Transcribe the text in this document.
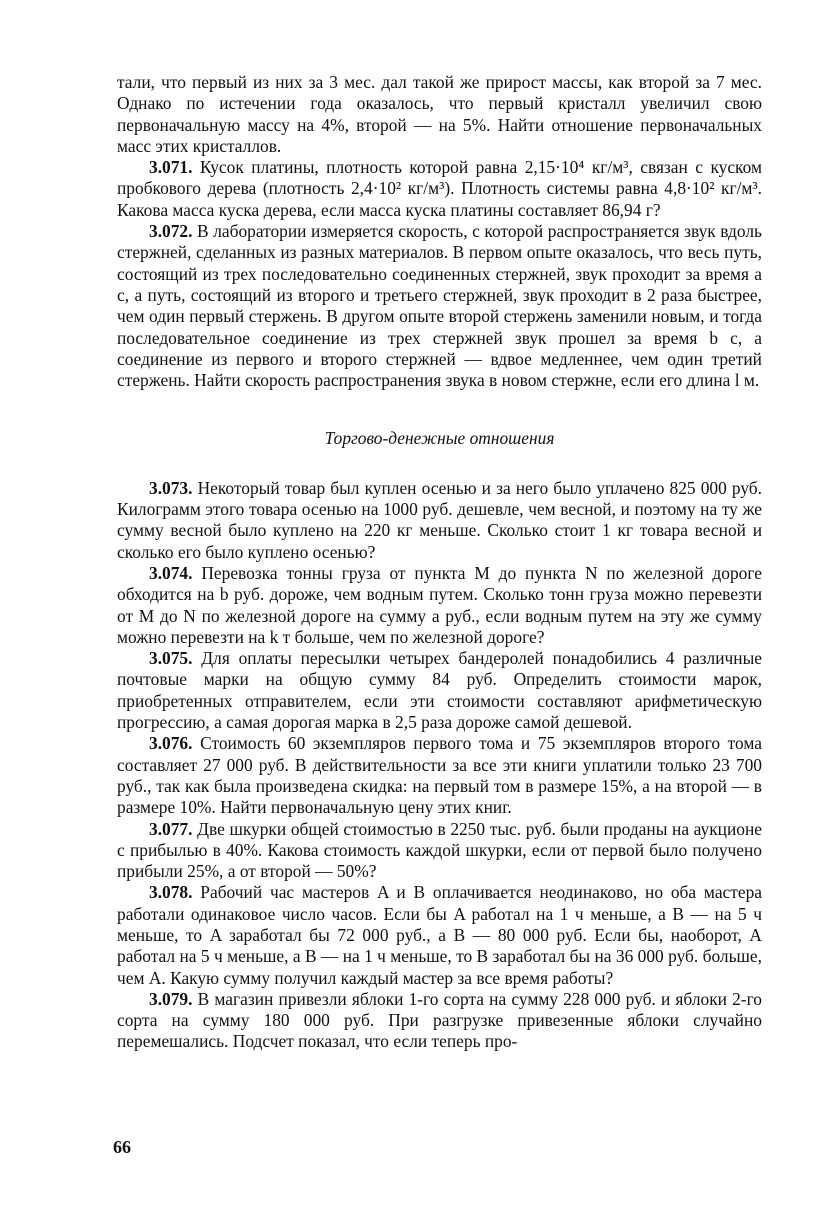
тали, что первый из них за 3 мес. дал такой же прирост массы, как второй за 7 мес. Однако по истечении года оказалось, что первый кристалл увеличил свою первоначальную массу на 4%, второй — на 5%. Найти отношение первоначальных масс этих кристаллов.

3.071. Кусок платины, плотность которой равна 2,15·10⁴ кг/м³, связан с куском пробкового дерева (плотность 2,4·10² кг/м³). Плотность системы равна 4,8·10² кг/м³. Какова масса куска дерева, если масса куска платины составляет 86,94 г?

3.072. В лаборатории измеряется скорость, с которой распространяется звук вдоль стержней, сделанных из разных материалов. В первом опыте оказалось, что весь путь, состоящий из трех последовательно соединенных стержней, звук проходит за время a с, а путь, состоящий из второго и третьего стержней, звук проходит в 2 раза быстрее, чем один первый стержень. В другом опыте второй стержень заменили новым, и тогда последовательное соединение из трех стержней звук прошел за время b с, а соединение из первого и второго стержней — вдвое медленнее, чем один третий стержень. Найти скорость распространения звука в новом стержне, если его длина l м.

Торгово-денежные отношения

3.073. Некоторый товар был куплен осенью и за него было уплачено 825 000 руб. Килограмм этого товара осенью на 1000 руб. дешевле, чем весной, и поэтому на ту же сумму весной было куплено на 220 кг меньше. Сколько стоит 1 кг товара весной и сколько его было куплено осенью?

3.074. Перевозка тонны груза от пункта M до пункта N по железной дороге обходится на b руб. дороже, чем водным путем. Сколько тонн груза можно перевезти от M до N по железной дороге на сумму a руб., если водным путем на эту же сумму можно перевезти на k т больше, чем по железной дороге?

3.075. Для оплаты пересылки четырех бандеролей понадобились 4 различные почтовые марки на общую сумму 84 руб. Определить стоимости марок, приобретенных отправителем, если эти стоимости составляют арифметическую прогрессию, а самая дорогая марка в 2,5 раза дороже самой дешевой.

3.076. Стоимость 60 экземпляров первого тома и 75 экземпляров второго тома составляет 27 000 руб. В действительности за все эти книги уплатили только 23 700 руб., так как была произведена скидка: на первый том в размере 15%, а на второй — в размере 10%. Найти первоначальную цену этих книг.

3.077. Две шкурки общей стоимостью в 2250 тыс. руб. были проданы на аукционе с прибылью в 40%. Какова стоимость каждой шкурки, если от первой было получено прибыли 25%, а от второй — 50%?

3.078. Рабочий час мастеров A и B оплачивается неодинаково, но оба мастера работали одинаковое число часов. Если бы A работал на 1 ч меньше, а B — на 5 ч меньше, то A заработал бы 72 000 руб., а B — 80 000 руб. Если бы, наоборот, A работал на 5 ч меньше, а B — на 1 ч меньше, то B заработал бы на 36 000 руб. больше, чем A. Какую сумму получил каждый мастер за все время работы?

3.079. В магазин привезли яблоки 1-го сорта на сумму 228 000 руб. и яблоки 2-го сорта на сумму 180 000 руб. При разгрузке привезенные яблоки случайно перемешались. Подсчет показал, что если теперь про-

66
